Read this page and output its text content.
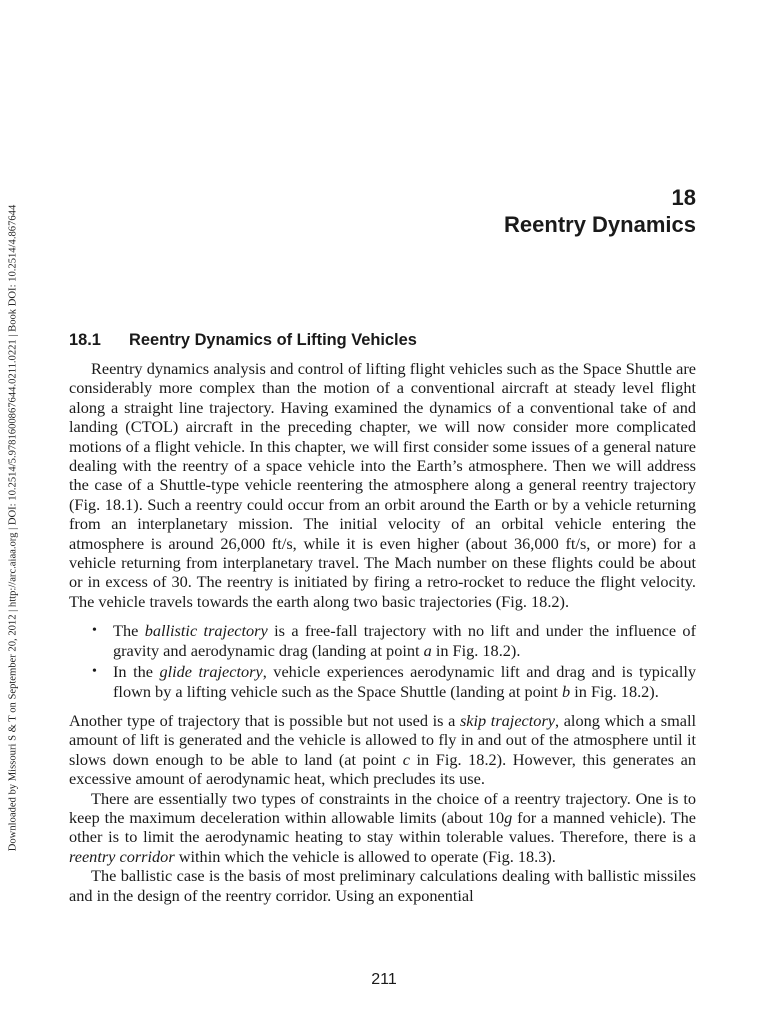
Downloaded by Missouri S & T on September 20, 2012 | http://arc.aiaa.org | DOI: 10.2514/5.9781600867644.0211.0221 | Book DOI: 10.2514/4.867644
18
Reentry Dynamics
18.1 Reentry Dynamics of Lifting Vehicles

Reentry dynamics analysis and control of lifting flight vehicles such as the Space Shuttle are considerably more complex than the motion of a conventional aircraft at steady level flight along a straight line trajectory. Having examined the dynamics of a conventional take of and landing (CTOL) aircraft in the preceding chapter, we will now consider more complicated motions of a flight vehicle. In this chapter, we will first consider some issues of a general nature dealing with the reentry of a space vehicle into the Earth’s atmosphere. Then we will address the case of a Shuttle-type vehicle reentering the atmosphere along a general reentry trajectory (Fig. 18.1). Such a reentry could occur from an orbit around the Earth or by a vehicle returning from an interplanetary mission. The initial velocity of an orbital vehicle entering the atmosphere is around 26,000 ft/s, while it is even higher (about 36,000 ft/s, or more) for a vehicle returning from interplanetary travel. The Mach number on these flights could be about or in excess of 30. The reentry is initiated by firing a retro-rocket to reduce the flight velocity. The vehicle travels towards the earth along two basic trajectories (Fig. 18.2).

• The ballistic trajectory is a free-fall trajectory with no lift and under the influence of gravity and aerodynamic drag (landing at point a in Fig. 18.2).
• In the glide trajectory, vehicle experiences aerodynamic lift and drag and is typically flown by a lifting vehicle such as the Space Shuttle (landing at point b in Fig. 18.2).

Another type of trajectory that is possible but not used is a skip trajectory, along which a small amount of lift is generated and the vehicle is allowed to fly in and out of the atmosphere until it slows down enough to be able to land (at point c in Fig. 18.2). However, this generates an excessive amount of aerodynamic heat, which precludes its use.

There are essentially two types of constraints in the choice of a reentry trajectory. One is to keep the maximum deceleration within allowable limits (about 10g for a manned vehicle). The other is to limit the aerodynamic heating to stay within tolerable values. Therefore, there is a reentry corridor within which the vehicle is allowed to operate (Fig. 18.3).

The ballistic case is the basis of most preliminary calculations dealing with ballistic missiles and in the design of the reentry corridor. Using an exponential

211
